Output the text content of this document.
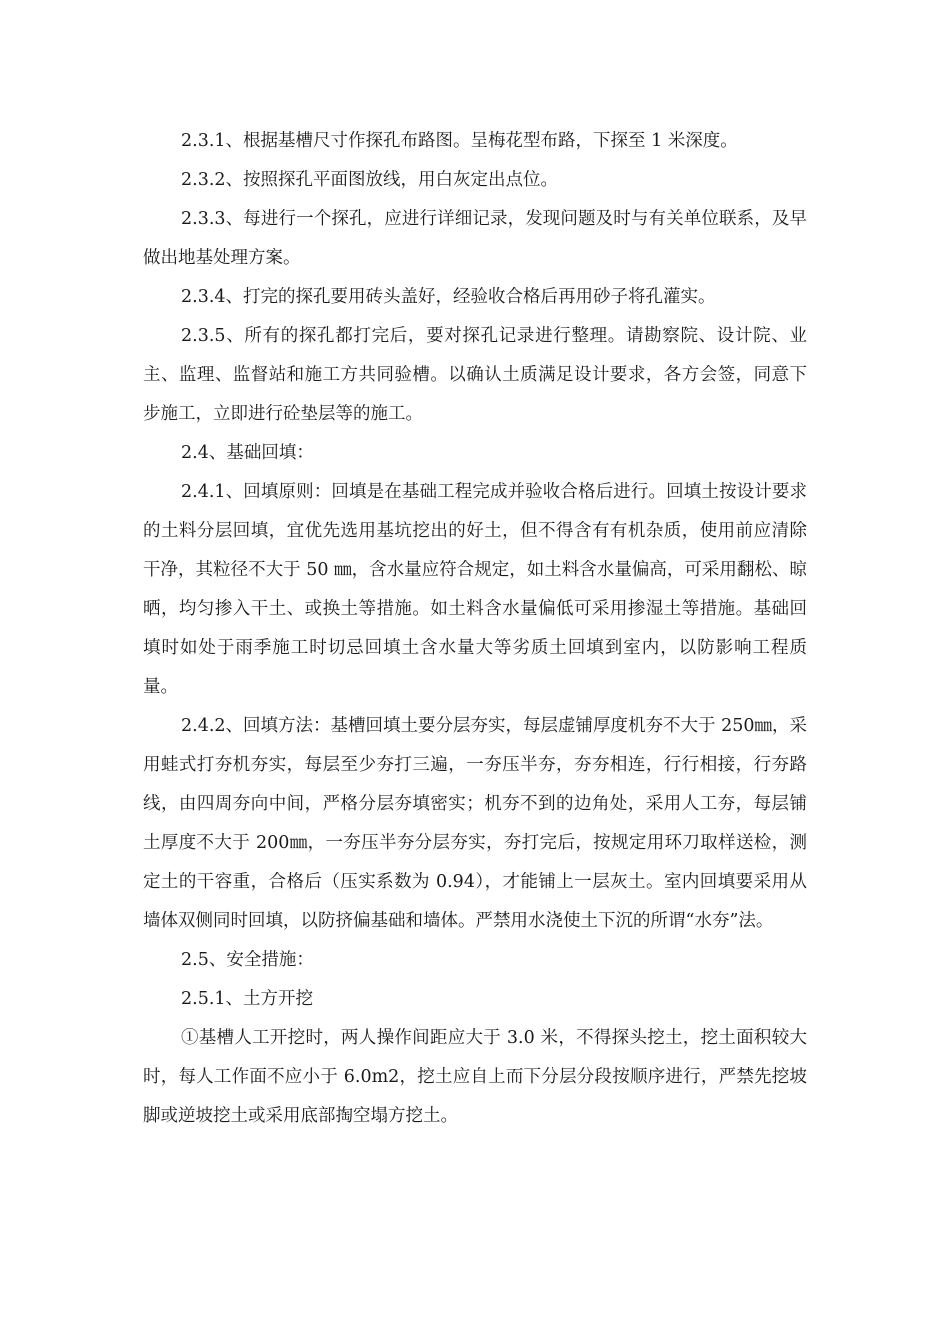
2.3.1、根据基槽尺寸作探孔布路图。呈梅花型布路，下探至 1 米深度。

2.3.2、按照探孔平面图放线，用白灰定出点位。

2.3.3、每进行一个探孔，应进行详细记录，发现问题及时与有关单位联系，及早做出地基处理方案。

2.3.4、打完的探孔要用砖头盖好，经验收合格后再用砂子将孔灌实。

2.3.5、所有的探孔都打完后，要对探孔记录进行整理。请勘察院、设计院、业主、监理、监督站和施工方共同验槽。以确认土质满足设计要求，各方会签，同意下步施工，立即进行砼垫层等的施工。

2.4、基础回填：

2.4.1、回填原则：回填是在基础工程完成并验收合格后进行。回填土按设计要求的土料分层回填，宜优先选用基坑挖出的好土，但不得含有有机杂质，使用前应清除干净，其粒径不大于 50 ㎜，含水量应符合规定，如土料含水量偏高，可采用翻松、晾晒，均匀掺入干土、或换土等措施。如土料含水量偏低可采用掺湿土等措施。基础回填时如处于雨季施工时切忌回填土含水量大等劣质土回填到室内，以防影响工程质量。

2.4.2、回填方法：基槽回填土要分层夯实，每层虚铺厚度机夯不大于 250㎜，采用蛙式打夯机夯实，每层至少夯打三遍，一夯压半夯，夯夯相连，行行相接，行夯路线，由四周夯向中间，严格分层夯填密实；机夯不到的边角处，采用人工夯，每层铺土厚度不大于 200㎜，一夯压半夯分层夯实，夯打完后，按规定用环刀取样送检，测定土的干容重，合格后（压实系数为 0.94），才能铺上一层灰土。室内回填要采用从墙体双侧同时回填，以防挤偏基础和墙体。严禁用水浇使土下沉的所谓“水夯”法。

2.5、安全措施：

2.5.1、土方开挖

①基槽人工开挖时，两人操作间距应大于 3.0 米，不得探头挖土，挖土面积较大时，每人工作面不应小于 6.0m2，挖土应自上而下分层分段按顺序进行，严禁先挖坡脚或逆坡挖土或采用底部掏空塌方挖土。
